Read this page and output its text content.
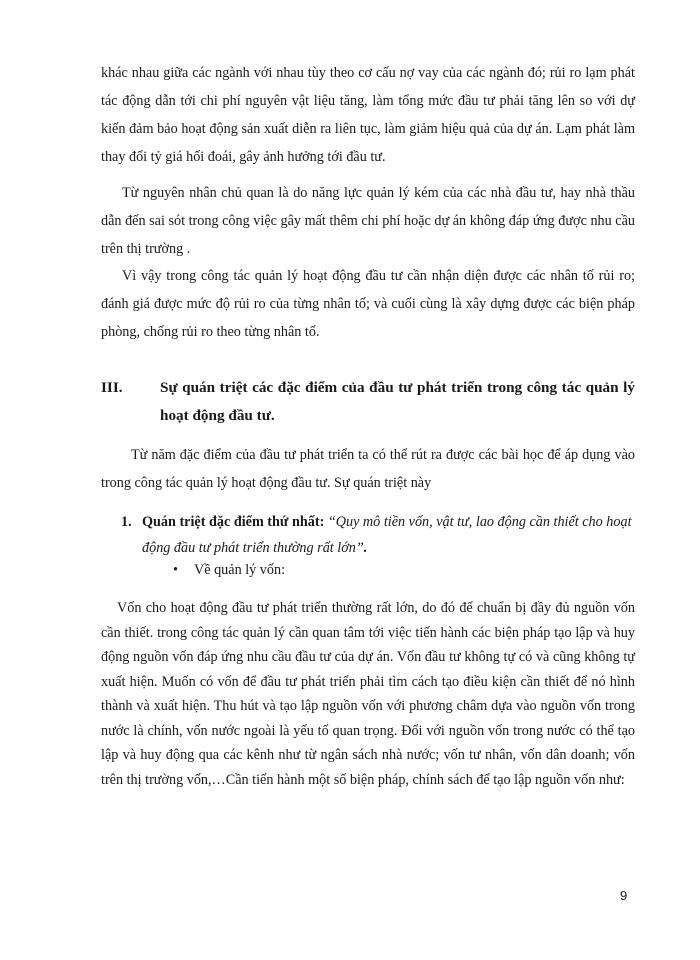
khác nhau giữa các ngành với nhau tùy theo cơ cấu nợ vay của các ngành đó; rủi ro lạm phát tác động dẫn tới chi phí nguyên vật liệu tăng, làm tổng mức đầu tư phải tăng lên so với dự kiến đảm bảo hoạt động sản xuất diễn ra liên tục, làm giảm hiệu quả của dự án. Lạm phát làm thay đổi tỷ giá hối đoái, gây ảnh hưởng tới đầu tư.

Từ nguyên nhân chủ quan là do năng lực quản lý kém của các nhà đầu tư, hay nhà thầu dẫn đến sai sót trong công việc gây mất thêm chi phí hoặc dự án không đáp ứng được nhu cầu trên thị trường .

Vì vậy trong công tác quản lý hoạt động đầu tư cần nhận diện được các nhân tố rủi ro; đánh giá được mức độ rủi ro của từng nhân tố; và cuối cùng là xây dựng được các biện pháp phòng, chống rủi ro theo từng nhân tố.

III. Sự quán triệt các đặc điểm của đầu tư phát triển trong công tác quản lý hoạt động đầu tư.

Từ năm đặc điểm của đầu tư phát triển ta có thể rút ra được các bài học để áp dụng vào trong công tác quản lý hoạt động đầu tư. Sự quán triệt này

1. Quán triệt đặc điểm thứ nhất: “Quy mô tiền vốn, vật tư, lao động cần thiết cho hoạt động đầu tư phát triển thường rất lớn”.
• Về quản lý vốn:

Vốn cho hoạt động đầu tư phát triển thường rất lớn, do đó để chuẩn bị đầy đủ nguồn vốn cần thiết. trong công tác quản lý cần quan tâm tới việc tiến hành các biện pháp tạo lập và huy động nguồn vốn đáp ứng nhu cầu đầu tư của dự án. Vốn đầu tư không tự có và cũng không tự xuất hiện. Muốn có vốn để đầu tư phát triển phải tìm cách tạo điều kiện cần thiết để nó hình thành và xuất hiện. Thu hút và tạo lập nguồn vốn với phương châm dựa vào nguồn vốn trong nước là chính, vốn nước ngoài là yếu tố quan trọng. Đối với nguồn vốn trong nước có thể tạo lập và huy động qua các kênh như từ ngân sách nhà nước; vốn tư nhân, vốn dân doanh; vốn trên thị trường vốn,…Cần tiến hành một số biện pháp, chính sách để tạo lập nguồn vốn như:

9
